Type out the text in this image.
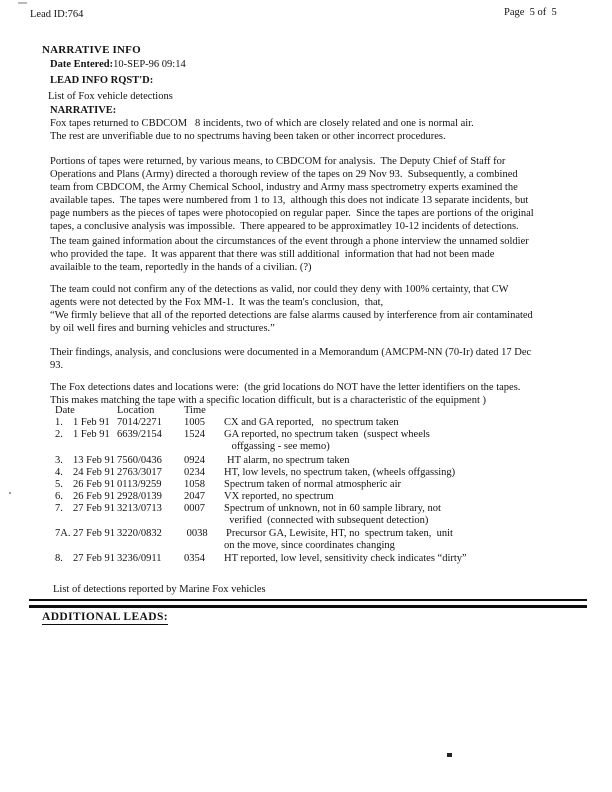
Lead ID:764	Page  5 of  5
NARRATIVE INFO
Date Entered:10-SEP-96 09:14
LEAD INFO RQST'D:
List of Fox vehicle detections
NARRATIVE:
Fox tapes returned to CBDCOM   8 incidents, two of which are closely related and one is normal air.
The rest are unverifiable due to no spectrums having been taken or other incorrect procedures.
Portions of tapes were returned, by various means, to CBDCOM for analysis.  The Deputy Chief of Staff for
Operations and Plans (Army) directed a thorough review of the tapes on 29 Nov 93.  Subsequently, a combined
team from CBDCOM, the Army Chemical School, industry and Army mass spectrometry experts examined the
available tapes.  The tapes were numbered from 1 to 13,  although this does not indicate 13 separate incidents, but
page numbers as the pieces of tapes were photocopied on regular paper.  Since the tapes are portions of the original
tapes, a conclusive analysis was impossible.  There appeared to be approximatley 10-12 incidents of detections.
The team gained information about the circumstances of the event through a phone interview the unnamed soldier
who provided the tape.  It was apparent that there was still additional  information that had not been made
availaible to the team, reportedly in the hands of a civilian. (?)
The team could not confirm any of the detections as valid, nor could they deny with 100% certainty, that CW
agents were not detected by the Fox MM-1.  It was the team's conclusion,  that,
“We firmly believe that all of the reported detections are false alarms caused by interference from air contaminated
by oil well fires and burning vehicles and structures.”
Their findings, analysis, and conclusions were documented in a Memorandum (AMCPM-NN (70-Ir) dated 17 Dec
93.
The Fox detections dates and locations were:  (the grid locations do NOT have the letter identifiers on the tapes.
This makes matching the tape with a specific location difficult, but is a characteristic of the equipment )
Date	Location	Time
1. 1 Feb 91 7014/2271	1005	CX and GA reported,   no spectrum taken
2. 1 Feb 91 6639/2154	1524	GA reported, no spectrum taken  (suspect wheels
offgassing - see memo)
3. 13 Feb 91 7560/0436	0924	HT alarm, no spectrum taken
4. 24 Feb 91 2763/3017	0234	HT, low levels, no spectrum taken, (wheels offgassing)
5. 26 Feb 91 0113/9259	1058	Spectrum taken of normal atmospheric air
6. 26 Feb 91 2928/0139	2047	VX reported, no spectrum
7. 27 Feb 91 3213/0713	0007	Spectrum of unknown, not in 60 sample library, not
verified  (connected with subsequent detection)
7A. 27 Feb 91 3220/0832	0038	Precursor GA, Lewisite, HT, no  spectrum taken,  unit
on the move, since coordinates changing
8. 27 Feb 91 3236/0911	0354	HT reported, low level, sensitivity check indicates “dirty”
List of detections reported by Marine Fox vehicles
ADDITIONAL LEADS:
